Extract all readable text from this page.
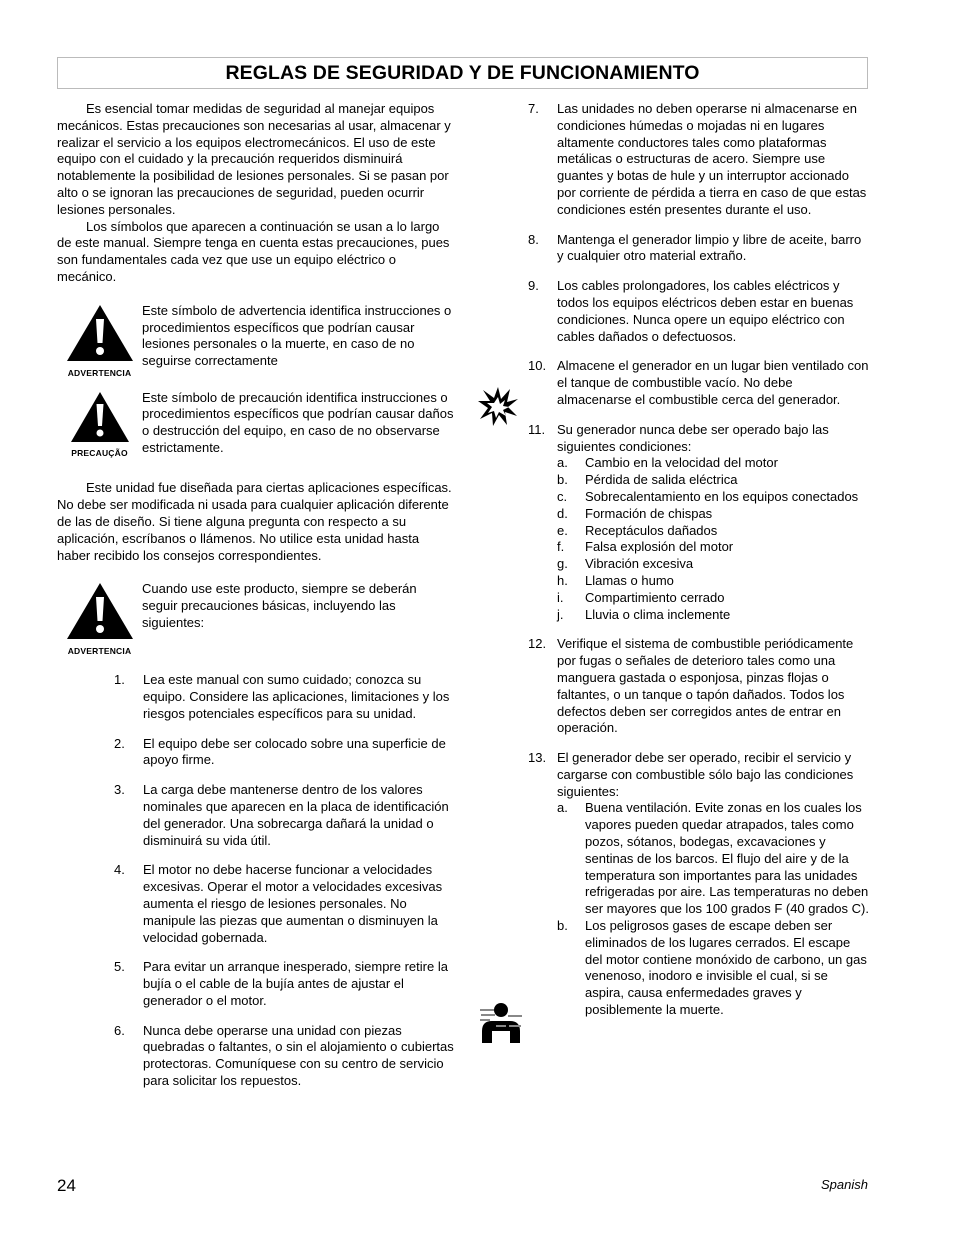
REGLAS DE SEGURIDAD Y DE FUNCIONAMIENTO

Es esencial tomar medidas de seguridad al manejar equipos mecánicos. Estas precauciones son necesarias al usar, almacenar y realizar el servicio a los equipos electromecánicos. El uso de este equipo con el cuidado y la precaución requeridos disminuirá notablemente la posibilidad de lesiones personales. Si se pasan por alto o se ignoran las precauciones de seguridad, pueden ocurrir lesiones personales.

Los símbolos que aparecen a continuación se usan a lo largo de este manual. Siempre tenga en cuenta estas precauciones, pues son fundamentales cada vez que use un equipo eléctrico o mecánico.

ADVERTENCIA
Este símbolo de advertencia identifica instrucciones o procedimientos específicos que podrían causar lesiones personales o la muerte, en caso de no seguirse correctamente
PRECAUÇÃO
Este símbolo de precaución identifica instrucciones o procedimientos específicos que podrían causar daños o destrucción del equipo, en caso de no observarse estrictamente.

Este unidad fue diseñada para ciertas aplicaciones específicas. No debe ser modificada ni usada para cualquier aplicación diferente de las de diseño. Si tiene alguna pregunta con respecto a su aplicación, escríbanos o llámenos. No utilice esta unidad hasta haber recibido los consejos correspondientes.

ADVERTENCIA
Cuando use este producto, siempre se deberán seguir precauciones básicas, incluyendo las siguientes:
1.	Lea este manual con sumo cuidado; conozca su equipo. Considere las aplicaciones, limitaciones y los riesgos potenciales específicos para su unidad.
2.	El equipo debe ser colocado sobre una superficie de apoyo firme.
3.	La carga debe mantenerse dentro de los valores nominales que aparecen en la placa de identificación del generador. Una sobrecarga dañará la unidad o disminuirá su vida útil.
4.	El motor no debe hacerse funcionar a velocidades excesivas. Operar el motor a velocidades excesivas aumenta el riesgo de lesiones personales. No manipule las piezas que aumentan o disminuyen la velocidad gobernada.
5.	Para evitar un arranque inesperado, siempre retire la bujía o el cable de la bujía antes de ajustar el generador o el motor.
6.	Nunca debe operarse una unidad con piezas quebradas o faltantes, o sin el alojamiento o cubiertas protectoras. Comuníquese con su centro de servicio para solicitar los repuestos.
7.	Las unidades no deben operarse ni almacenarse en condiciones húmedas o mojadas ni en lugares altamente conductores tales como plataformas metálicas o estructuras de acero. Siempre use guantes y botas de hule y un interruptor accionado por corriente de pérdida a tierra en caso de que estas condiciones estén presentes durante el uso.
8.	Mantenga el generador limpio y libre de aceite, barro y cualquier otro material extraño.
9.	Los cables prolongadores, los cables eléctricos y todos los equipos eléctricos deben estar en buenas condiciones. Nunca opere un equipo eléctrico con cables dañados o defectuosos.
10. Almacene el generador en un lugar bien ventilado con el tanque de combustible vacío. No debe almacenarse el combustible cerca del generador.
11. Su generador nunca debe ser operado bajo las siguientes condiciones:
a.	Cambio en la velocidad del motor
b.	Pérdida de salida eléctrica
c.	Sobrecalentamiento en los equipos conectados
d.	Formación de chispas
e.	Receptáculos dañados
f.	Falsa explosión del motor
g.	Vibración excesiva
h.	Llamas o humo
i.	Compartimiento cerrado
j.	Lluvia o clima inclemente
12. Verifique el sistema de combustible periódicamente por fugas o señales de deterioro tales como una manguera gastada o esponjosa, pinzas flojas o faltantes, o un tanque o tapón dañados. Todos los defectos deben ser corregidos antes de entrar en operación.
13. El generador debe ser operado, recibir el servicio y cargarse con combustible sólo bajo las condiciones siguientes:
a.	Buena ventilación. Evite zonas en los cuales los vapores pueden quedar atrapados, tales como pozos, sótanos, bodegas, excavaciones y sentinas de los barcos. El flujo del aire y de la temperatura son importantes para las unidades refrigeradas por aire. Las temperaturas no deben ser mayores que los 100 grados F (40 grados C).
b.	Los peligrosos gases de escape deben ser eliminados de los lugares cerrados. El escape del motor contiene monóxido de carbono, un gas venenoso, inodoro e invisible el cual, si se aspira, causa enfermedades graves y posiblemente la muerte.
24	Spanish
